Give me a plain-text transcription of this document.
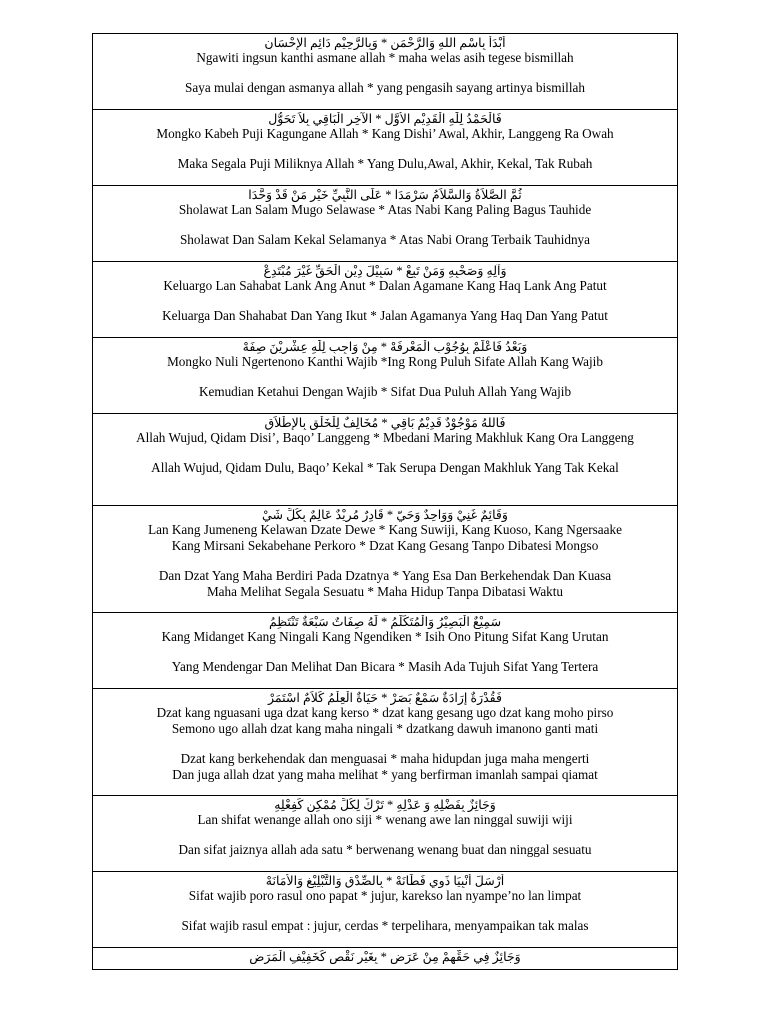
أَبْدَأُ بِاسْمِ اللهِ وَالرَّحْمَنِ * وَبِالرَّحِيْمِ دَائِمِ الإِحْسَانِ
Ngawiti ingsun kanthi asmane allah * maha welas asih tegese bismillah
Saya mulai dengan asmanya allah * yang pengasih sayang artinya bismillah

فَالْحَمْدُ لِلّٰهِ الْقَدِيْمِ الأَوَّلِ * الآخِرِ الْبَاقِي بِلاَ تَحَوُّلِ
Mongko Kabeh Puji Kagungane Allah * Kang Dishi’ Awal, Akhir, Langgeng Ra Owah
Maka Segala Puji Miliknya Allah * Yang Dulu,Awal, Akhir, Kekal, Tak Rubah

ثُمَّ الصَّلاَةُ وَالسَّلاَمُ سَرْمَدَا * عَلَى النَّبِيِّ خَيْرِ مَنْ قَدْ وَحَّدَا
Sholawat Lan Salam Mugo Selawase * Atas Nabi Kang Paling Bagus Tauhide
Sholawat Dan Salam Kekal Selamanya * Atas Nabi Orang Terbaik Tauhidnya

وَآلِهِ وَصَحْبِهِ وَمَنْ تَبِعْ * سَبِيْلَ دِيْنِ الْحَقِّ غَيْرَ مُبْتَدِعْ
Keluargo Lan Sahabat Lank Ang Anut * Dalan Agamane Kang Haq Lank Ang Patut
Keluarga Dan Shahabat Dan Yang Ikut * Jalan Agamanya Yang Haq Dan Yang Patut

وَبَعْدُ فَاعْلَمْ بِوُجُوْبِ الْمَعْرِفَهْ * مِنْ وَاجِبٍ لِلّٰهِ عِشْرِيْنَ صِفَهْ
Mongko Nuli Ngertenono Kanthi Wajib *Ing Rong Puluh Sifate Allah Kang Wajib
Kemudian Ketahui Dengan Wajib * Sifat Dua Puluh Allah Yang Wajib

فَاللهُ مَوْجُوْدٌ قَدِيْمٌ بَاقِي * مُخَالِفٌ لِلْخَلْقِ بِالإِطْلاَقِ
Allah Wujud, Qidam Disi’, Baqo’ Langgeng * Mbedani Maring Makhluk Kang Ora Langgeng
Allah Wujud, Qidam Dulu, Baqo’ Kekal * Tak Serupa Dengan Makhluk Yang Tak Kekal

وَقَائِمٌ غَنِيْ وَوَاحِدٌ وَحَيّ * قَادِرٌ مُرِيْدٌ عَالِمٌ بِكُلِّ شَيْ
Lan Kang Jumeneng Kelawan Dzate Dewe * Kang Suwiji, Kang Kuoso, Kang Ngersaake
Kang Mirsani Sekabehane Perkoro * Dzat Kang Gesang Tanpo Dibatesi Mongso
Dan Dzat Yang Maha Berdiri Pada Dzatnya * Yang Esa Dan Berkehendak Dan Kuasa
Maha Melihat Segala Sesuatu * Maha Hidup Tanpa Dibatasi Waktu

سَمِيْعٌ الْبَصِيْرُ وَالْمُتَكَلِّمُ * لَهُ صِفَاتٌ سَبْعَةٌ تَنْتَظِمُ
Kang Midanget Kang Ningali Kang Ngendiken * Isih Ono Pitung Sifat Kang Urutan
Yang Mendengar Dan Melihat Dan Bicara * Masih Ada Tujuh Sifat Yang Tertera

فَقُدْرَةٌ إِرَادَةٌ سَمْعٌ بَصَرْ * حَيَاةٌ الْعِلْمُ كَلاَمٌ اسْتَمَرْ
Dzat kang nguasani uga dzat kang kerso * dzat kang gesang ugo dzat kang moho pirso
Semono ugo allah dzat kang maha ningali * dzatkang dawuh imanono ganti mati
Dzat kang berkehendak dan menguasai * maha hidupdan juga maha mengerti
Dan juga allah dzat yang maha melihat * yang berfirman imanlah sampai qiamat

وَجَائِزٌ بِفَضْلِهِ وَ عَدْلِهِ * تَرْكٌ لِكُلِّ مُمْكِنٍ كَفِعْلِهِ
Lan shifat wenange allah ono siji * wenang awe lan ninggal suwiji wiji
Dan sifat jaiznya allah ada satu * berwenang wenang buat dan ninggal sesuatu

أَرْسَلَ أَنْبِيَا ذَوِي فَطَانَهْ * بِالصِّدْقِ وَالتَّبْلِيْغِ وَالأَمَانَهْ
Sifat wajib poro rasul ono papat * jujur, karekso lan nyampe’no lan limpat
Sifat wajib rasul empat : jujur, cerdas * terpelihara, menyampaikan tak malas

وَجَائِزٌ فِي حَقِّهِمْ مِنْ عَرَضِ * بِغَيْرِ نَقْصٍ كَخَفِيْفِ الْمَرَضِ
